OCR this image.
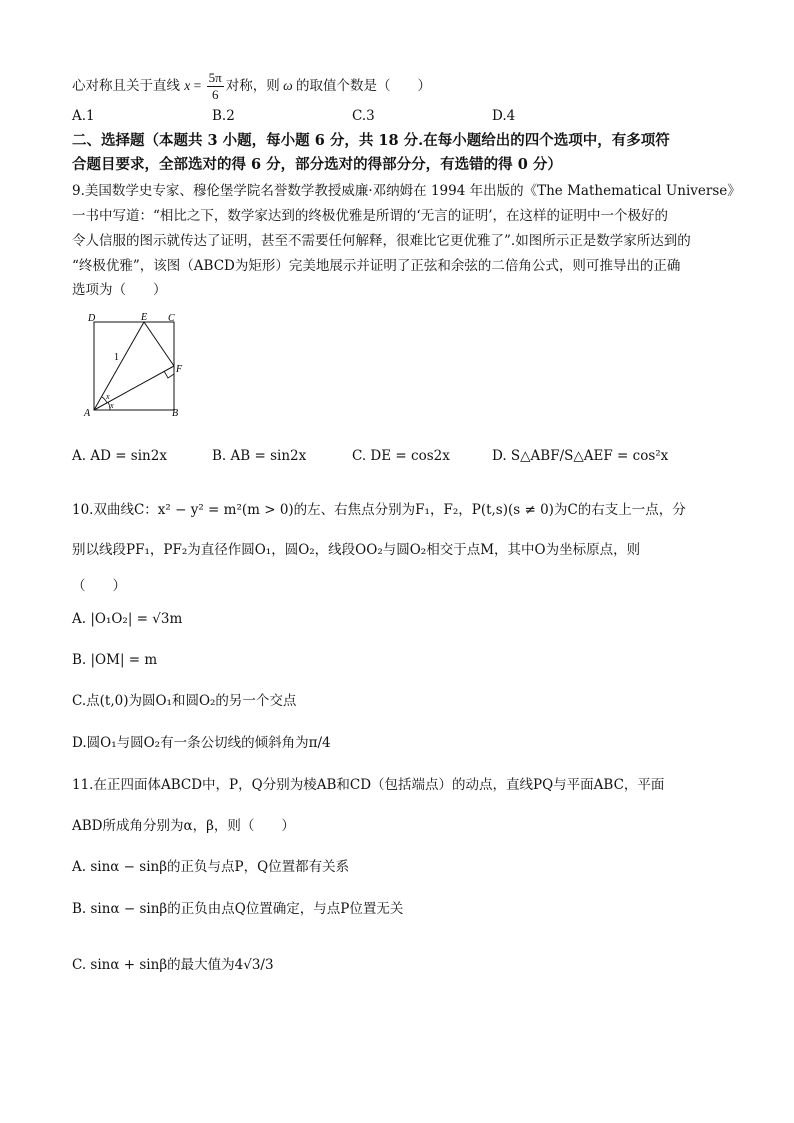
心对称且关于直线 $x = \frac{5\pi}{6}$ 对称，则 ω 的取值个数是（　　）
A.1	B.2	C.3	D.4
二、选择题（本题共 3 小题，每小题 6 分，共 18 分.在每小题给出的四个选项中，有多项符
合题目要求，全部选对的得 6 分，部分选对的得部分分，有选错的得 0 分）
9.美国数学史专家、穆伦堡学院名誉数学教授威廉·邓纳姆在 1994 年出版的《The Mathematical Universe》
一书中写道：“相比之下，数学家达到的终极优雅是所谓的‘无言的证明’，在这样的证明中一个极好的
令人信服的图示就传达了证明，甚至不需要任何解释，很难比它更优雅了”.如图所示正是数学家所达到的
“终极优雅”，该图（ABCD为矩形）完美地展示并证明了正弦和余弦的二倍角公式，则可推导出的正确
选项为（　　）
D	E C
F
A	B
1
x
x
A. AD = sin2x	B. AB = sin2x	C. DE = cos2x	D. S△ABF/S△AEF = cos²x
10.双曲线C：x² − y² = m²(m > 0)的左、右焦点分别为F₁，F₂，P(t,s)(s ≠ 0)为C的右支上一点，分
别以线段PF₁，PF₂为直径作圆O₁，圆O₂，线段OO₂与圆O₂相交于点M，其中O为坐标原点，则
（　　）
A. |O₁O₂| = √3m
B. |OM| = m
C.点(t,0)为圆O₁和圆O₂的另一个交点
D.圆O₁与圆O₂有一条公切线的倾斜角为π/4
11.在正四面体ABCD中，P，Q分别为棱AB和CD（包括端点）的动点，直线PQ与平面ABC，平面
ABD所成角分别为α，β，则（　　）
A. sinα − sinβ的正负与点P，Q位置都有关系
B. sinα − sinβ的正负由点Q位置确定，与点P位置无关
C. sinα + sinβ的最大值为4√3/3
